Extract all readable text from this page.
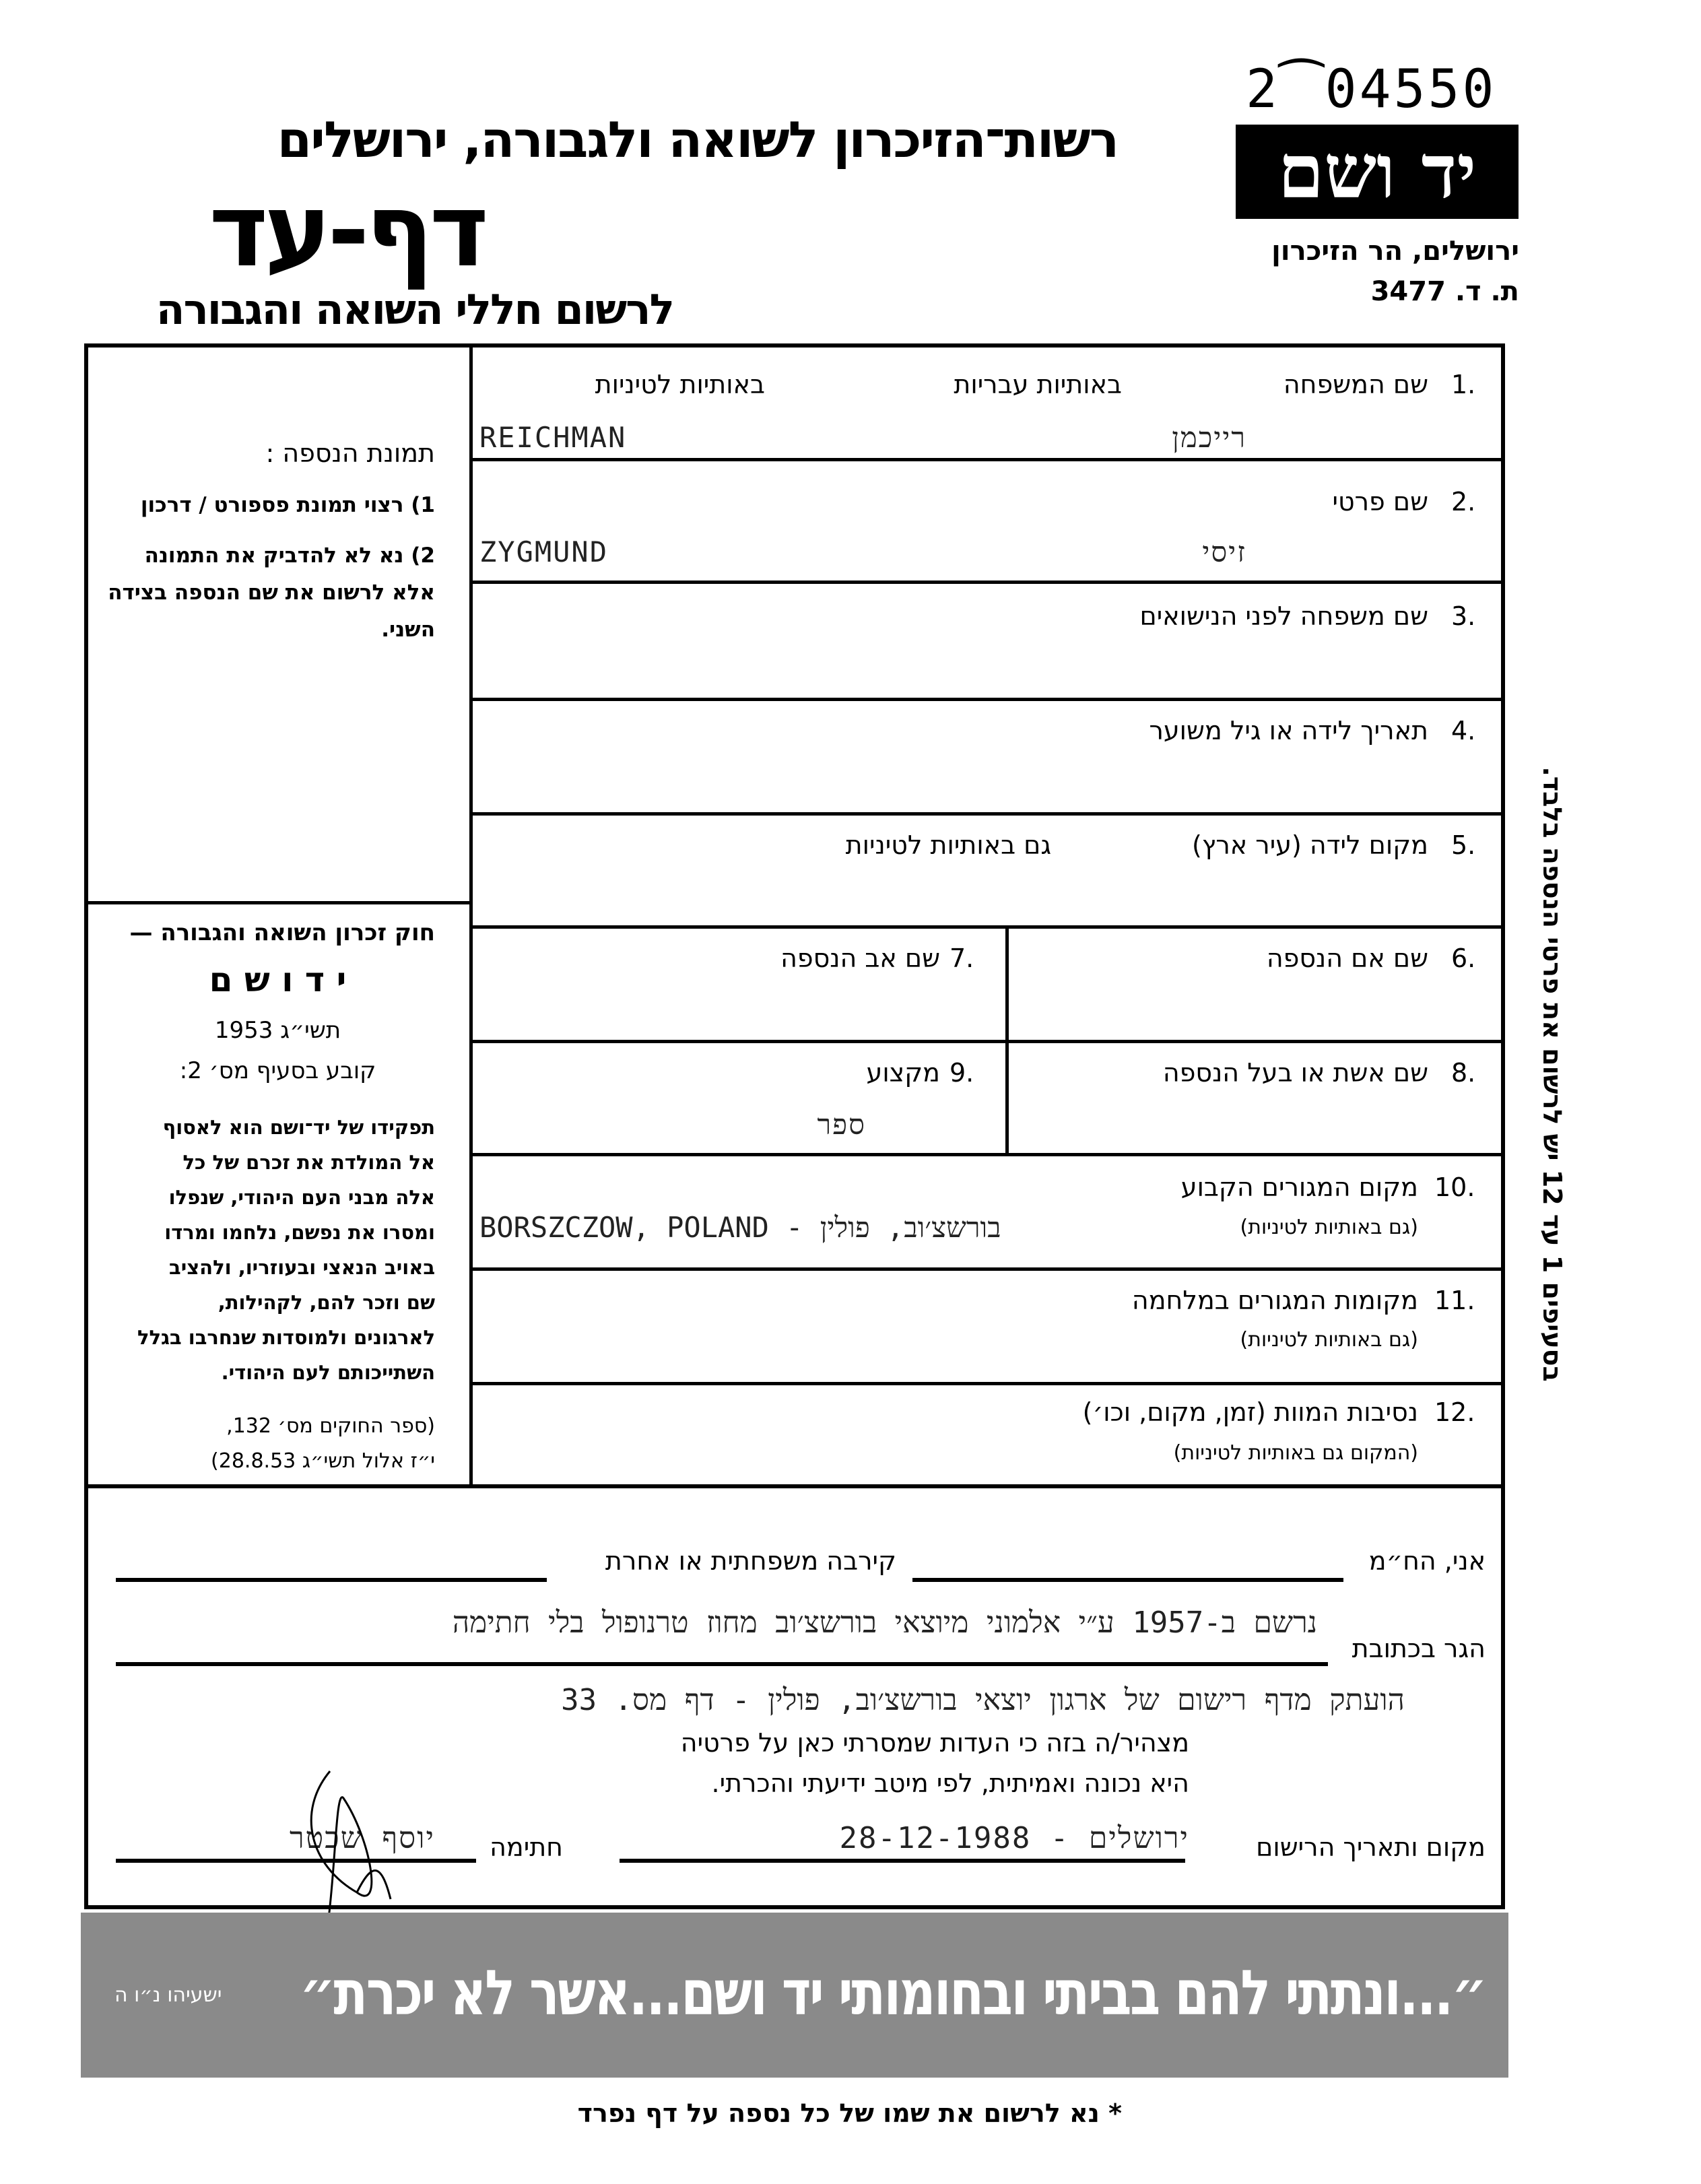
2⁀04550
רשות־הזיכרון לשואה ולגבורה, ירושלים
דף-עד
לרשום חללי השואה והגבורה
יד ושם
ירושלים, הר הזיכרון
ת. ד. 3477
תמונת הנספה :
1) רצוי תמונת פספורט / דרכון
2) נא לא להדביק את התמונה
אלא לרשום את שם הנספה בצידה
השני.
חוק זכרון השואה והגבורה —
י ד ו ש ם
תשי״ג 1953
קובע בסעיף מס׳ 2:
תפקידו של יד־ושם הוא לאסוף
אל המולדת את זכרם של כל
אלה מבני העם היהודי, שנפלו
ומסרו את נפשם, נלחמו ומרדו
באויב הנאצי ובעוזריו, ולהציב
שם וזכר להם, לקהילות,
לארגונים ולמוסדות שנחרבו בגלל
השתייכותם לעם היהודי.
(ספר החוקים מס׳ 132,
י״ז אלול תשי״ג 28.8.53)
1.
שם המשפחה
באותיות עבריות
באותיות לטיניות
REICHMAN	רייכמן
2.
שם פרטי
ZYGMUND	זיסי
3.
שם משפחה לפני הנישואים
4.
תאריך לידה או גיל משוער
5.
מקום לידה (עיר ארץ)
גם באותיות לטיניות
6.
שם אם הנספה
7.
שם אב הנספה
8.
שם אשת או בעל הנספה
9.
מקצוע
ספר
10.
מקום המגורים הקבוע
(גם באותיות לטיניות)
BORSZCZOW, POLAND - בורשצ׳וב, פולין
11.
מקומות המגורים במלחמה
(גם באותיות לטיניות)
12.
נסיבות המוות (זמן, מקום, וכו׳)
(המקום גם באותיות לטיניות)
בסעיפים 1 עד 12 יש לרשום את פרטי הנספה בלבד.
אני, הח״מ
קירבה משפחתית או אחרת
נרשם ב-1957 ע״י אלמוני מיוצאי בורשצ׳וב מחוז טרנופול בלי חתימה
הגר בכתובת
הועתק מדף רישום של ארגון יוצאי בורשצ׳וב, פולין - דף מס. 33
מצהיר/ה בזה כי העדות שמסרתי כאן על פרטיה
היא נכונה ואמיתית, לפי מיטב ידיעתי והכרתי.
מקום ותאריך הרישום
ירושלים - 28-12-1988
חתימה
יוסף שכטר
״...ונתתי להם בביתי ובחומותי יד ושם...אשר לא יכרת״
ישעיהו נ״ו ה
* נא לרשום את שמו של כל נספה על דף נפרד
